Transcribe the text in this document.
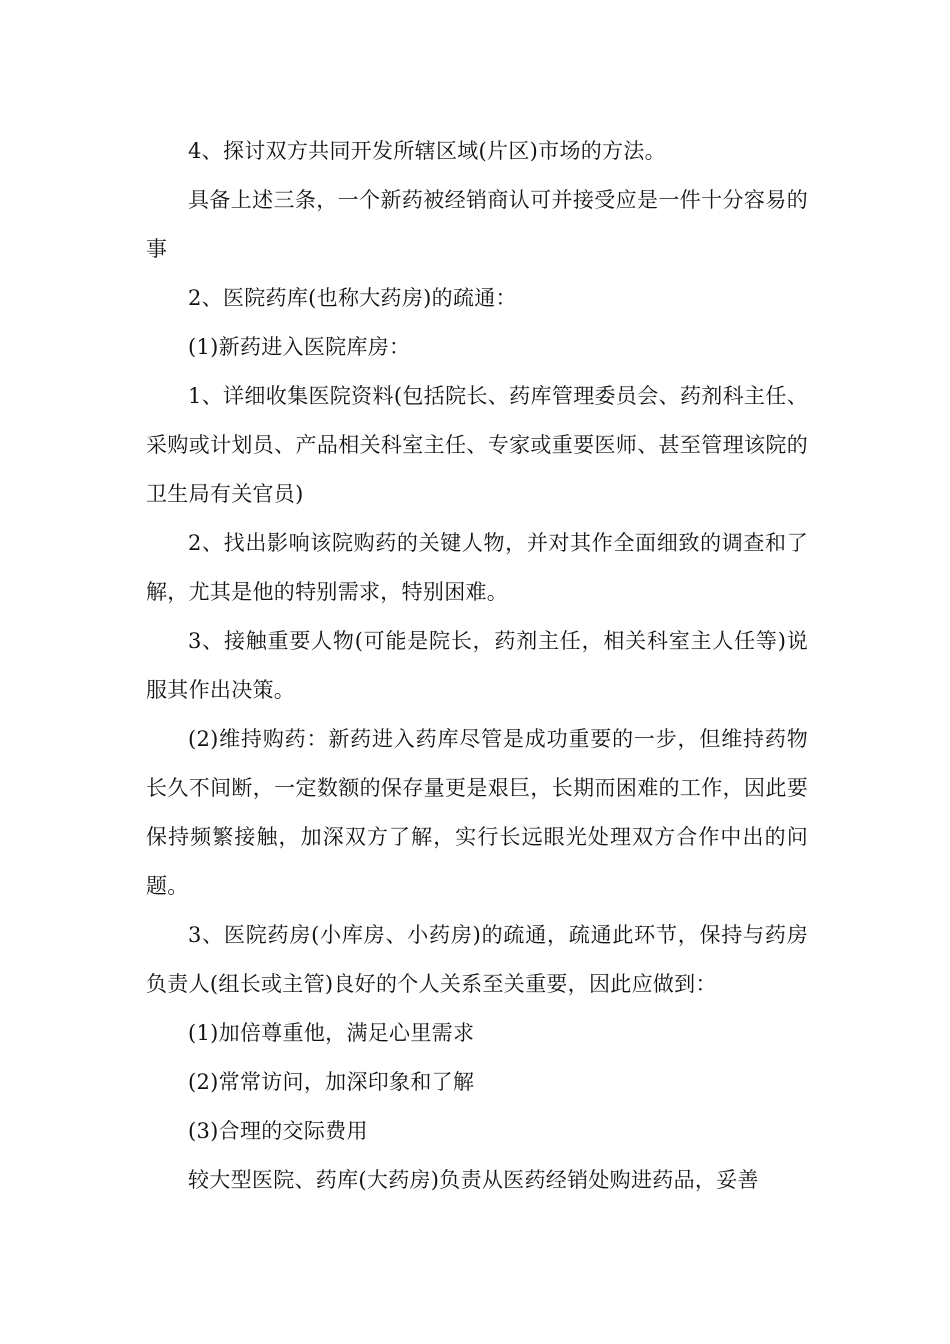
4、探讨双方共同开发所辖区域(片区)市场的方法。

具备上述三条，一个新药被经销商认可并接受应是一件十分容易的事

2、医院药库(也称大药房)的疏通：

(1)新药进入医院库房：

1、详细收集医院资料(包括院长、药库管理委员会、药剂科主任、采购或计划员、产品相关科室主任、专家或重要医师、甚至管理该院的卫生局有关官员)

2、找出影响该院购药的关键人物，并对其作全面细致的调查和了解，尤其是他的特别需求，特别困难。

3、接触重要人物(可能是院长，药剂主任，相关科室主人任等)说服其作出决策。

(2)维持购药：新药进入药库尽管是成功重要的一步，但维持药物长久不间断，一定数额的保存量更是艰巨，长期而困难的工作，因此要保持频繁接触，加深双方了解，实行长远眼光处理双方合作中出的问题。

3、医院药房(小库房、小药房)的疏通，疏通此环节，保持与药房负责人(组长或主管)良好的个人关系至关重要，因此应做到：

(1)加倍尊重他，满足心里需求

(2)常常访问，加深印象和了解

(3)合理的交际费用

较大型医院、药库(大药房)负责从医药经销处购进药品，妥善
